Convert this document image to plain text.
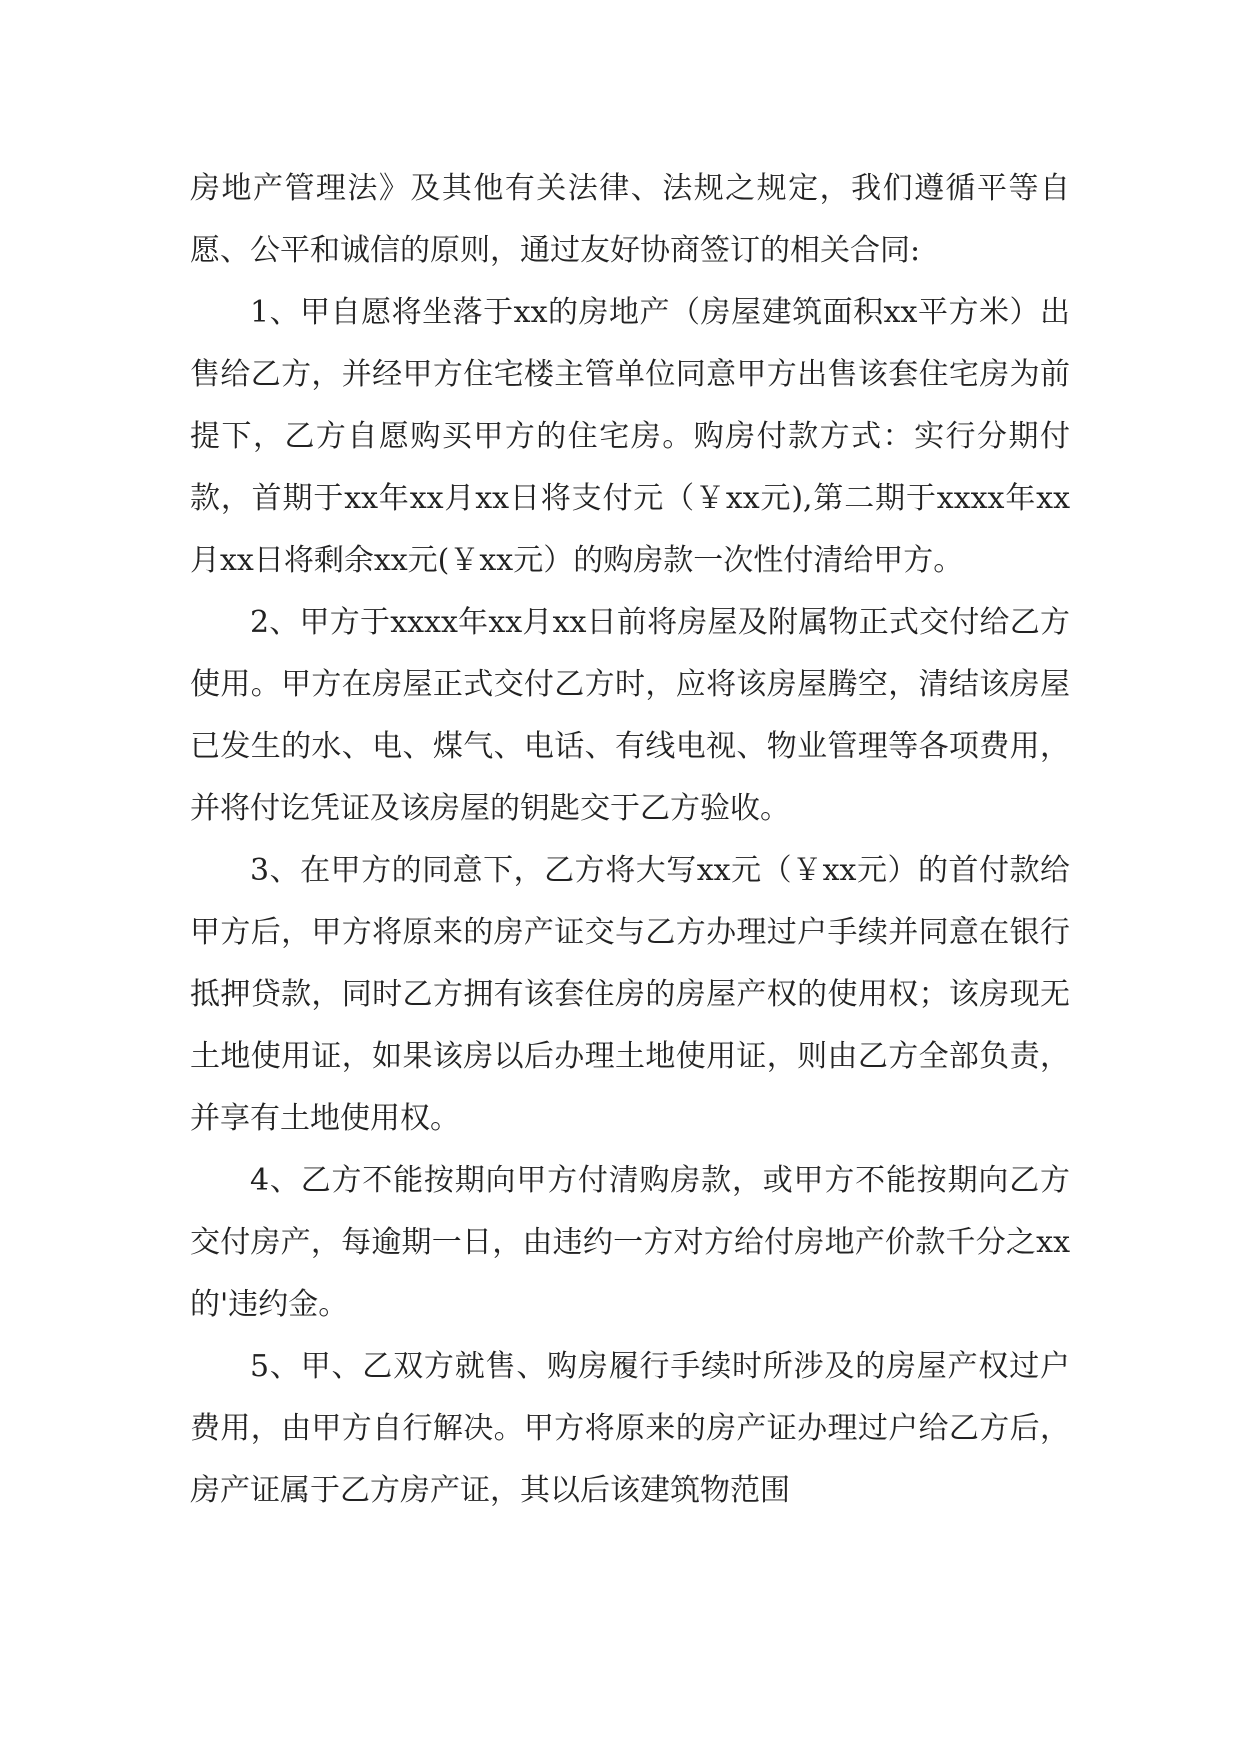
房地产管理法》及其他有关法律、法规之规定，我们遵循平等自愿、公平和诚信的原则，通过友好协商签订的相关合同:

1、甲自愿将坐落于xx的房地产（房屋建筑面积xx平方米）出售给乙方，并经甲方住宅楼主管单位同意甲方出售该套住宅房为前提下，乙方自愿购买甲方的住宅房。购房付款方式：实行分期付款，首期于xx年xx月xx日将支付元（￥xx元),第二期于xxxx年xx月xx日将剩余xx元(￥xx元）的购房款一次性付清给甲方。

2、甲方于xxxx年xx月xx日前将房屋及附属物正式交付给乙方使用。甲方在房屋正式交付乙方时，应将该房屋腾空，清结该房屋已发生的水、电、煤气、电话、有线电视、物业管理等各项费用，并将付讫凭证及该房屋的钥匙交于乙方验收。

3、在甲方的同意下，乙方将大写xx元（￥xx元）的首付款给甲方后，甲方将原来的房产证交与乙方办理过户手续并同意在银行抵押贷款，同时乙方拥有该套住房的房屋产权的使用权；该房现无土地使用证，如果该房以后办理土地使用证，则由乙方全部负责，并享有土地使用权。

4、乙方不能按期向甲方付清购房款，或甲方不能按期向乙方交付房产，每逾期一日，由违约一方对方给付房地产价款千分之xx的'违约金。

5、甲、乙双方就售、购房履行手续时所涉及的房屋产权过户费用，由甲方自行解决。甲方将原来的房产证办理过户给乙方后，房产证属于乙方房产证，其以后该建筑物范围
